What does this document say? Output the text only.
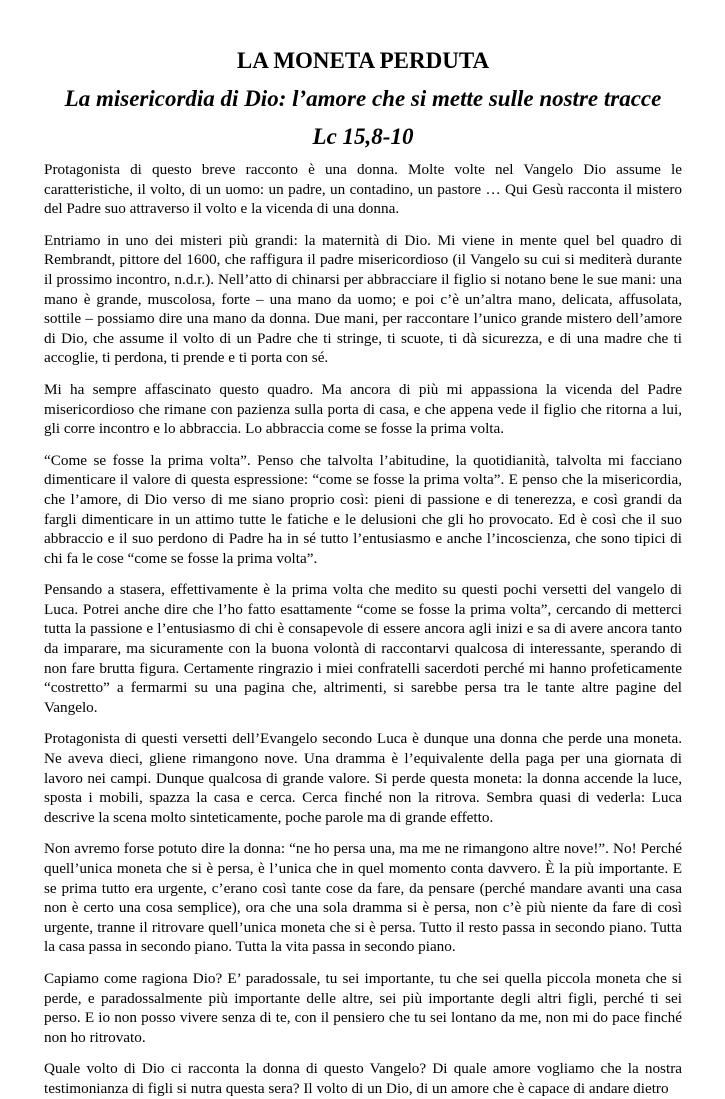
LA MONETA PERDUTA
La misericordia di Dio: l’amore che si mette sulle nostre tracce
Lc 15,8-10

Protagonista di questo breve racconto è una donna. Molte volte nel Vangelo Dio assume le caratteristiche, il volto, di un uomo: un padre, un contadino, un pastore … Qui Gesù racconta il mistero del Padre suo attraverso il volto e la vicenda di una donna.

Entriamo in uno dei misteri più grandi: la maternità di Dio. Mi viene in mente quel bel quadro di Rembrandt, pittore del 1600, che raffigura il padre misericordioso (il Vangelo su cui si mediterà durante il prossimo incontro, n.d.r.). Nell’atto di chinarsi per abbracciare il figlio si notano bene le sue mani: una mano è grande, muscolosa, forte – una mano da uomo; e poi c’è un’altra mano, delicata, affusolata, sottile – possiamo dire una mano da donna. Due mani, per raccontare l’unico grande mistero dell’amore di Dio, che assume il volto di un Padre che ti stringe, ti scuote, ti dà sicurezza, e di una madre che ti accoglie, ti perdona, ti prende e ti porta con sé.

Mi ha sempre affascinato questo quadro. Ma ancora di più mi appassiona la vicenda del Padre misericordioso che rimane con pazienza sulla porta di casa, e che appena vede il figlio che ritorna a lui, gli corre incontro e lo abbraccia. Lo abbraccia come se fosse la prima volta.

“Come se fosse la prima volta”. Penso che talvolta l’abitudine, la quotidianità, talvolta mi facciano dimenticare il valore di questa espressione: “come se fosse la prima volta”. E penso che la misericordia, che l’amore, di Dio verso di me siano proprio così: pieni di passione e di tenerezza, e così grandi da fargli dimenticare in un attimo tutte le fatiche e le delusioni che gli ho provocato. Ed è così che il suo abbraccio e il suo perdono di Padre ha in sé tutto l’entusiasmo e anche l’incoscienza, che sono tipici di chi fa le cose “come se fosse la prima volta”.

Pensando a stasera, effettivamente è la prima volta che medito su questi pochi versetti del vangelo di Luca. Potrei anche dire che l’ho fatto esattamente “come se fosse la prima volta”, cercando di metterci tutta la passione e l’entusiasmo di chi è consapevole di essere ancora agli inizi e sa di avere ancora tanto da imparare, ma sicuramente con la buona volontà di raccontarvi qualcosa di interessante, sperando di non fare brutta figura. Certamente ringrazio i miei confratelli sacerdoti perché mi hanno profeticamente “costretto” a fermarmi su una pagina che, altrimenti, si sarebbe persa tra le tante altre pagine del Vangelo.

Protagonista di questi versetti dell’Evangelo secondo Luca è dunque una donna che perde una moneta. Ne aveva dieci, gliene rimangono nove. Una dramma è l’equivalente della paga per una giornata di lavoro nei campi. Dunque qualcosa di grande valore. Si perde questa moneta: la donna accende la luce, sposta i mobili, spazza la casa e cerca. Cerca finché non la ritrova. Sembra quasi di vederla: Luca descrive la scena molto sinteticamente, poche parole ma di grande effetto.

Non avremo forse potuto dire la donna: “ne ho persa una, ma me ne rimangono altre nove!”. No! Perché quell’unica moneta che si è persa, è l’unica che in quel momento conta davvero. È la più importante. E se prima tutto era urgente, c’erano così tante cose da fare, da pensare (perché mandare avanti una casa non è certo una cosa semplice), ora che una sola dramma si è persa, non c’è più niente da fare di così urgente, tranne il ritrovare quell’unica moneta che si è persa. Tutto il resto passa in secondo piano. Tutta la casa passa in secondo piano. Tutta la vita passa in secondo piano.

Capiamo come ragiona Dio? E’ paradossale, tu sei importante, tu che sei quella piccola moneta che si perde, e paradossalmente più importante delle altre, sei più importante degli altri figli, perché ti sei perso. E io non posso vivere senza di te, con il pensiero che tu sei lontano da me, non mi do pace finché non ho ritrovato.

Quale volto di Dio ci racconta la donna di questo Vangelo? Di quale amore vogliamo che la nostra testimonianza di figli si nutra questa sera? Il volto di un Dio, di un amore che è capace di andare dietro
